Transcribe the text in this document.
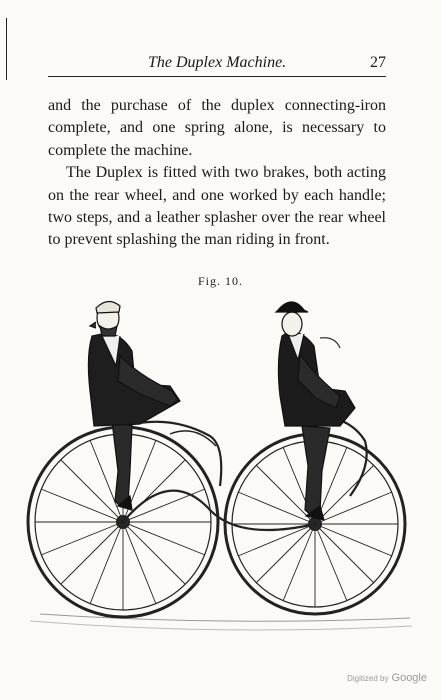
The Duplex Machine.	27

and the purchase of the duplex connecting-iron complete, and one spring alone, is necessary to complete the machine.

The Duplex is fitted with two brakes, both acting on the rear wheel, and one worked by each handle; two steps, and a leather splasher over the rear wheel to prevent splashing the man riding in front.

Fig. 10.
Digitized by Google
